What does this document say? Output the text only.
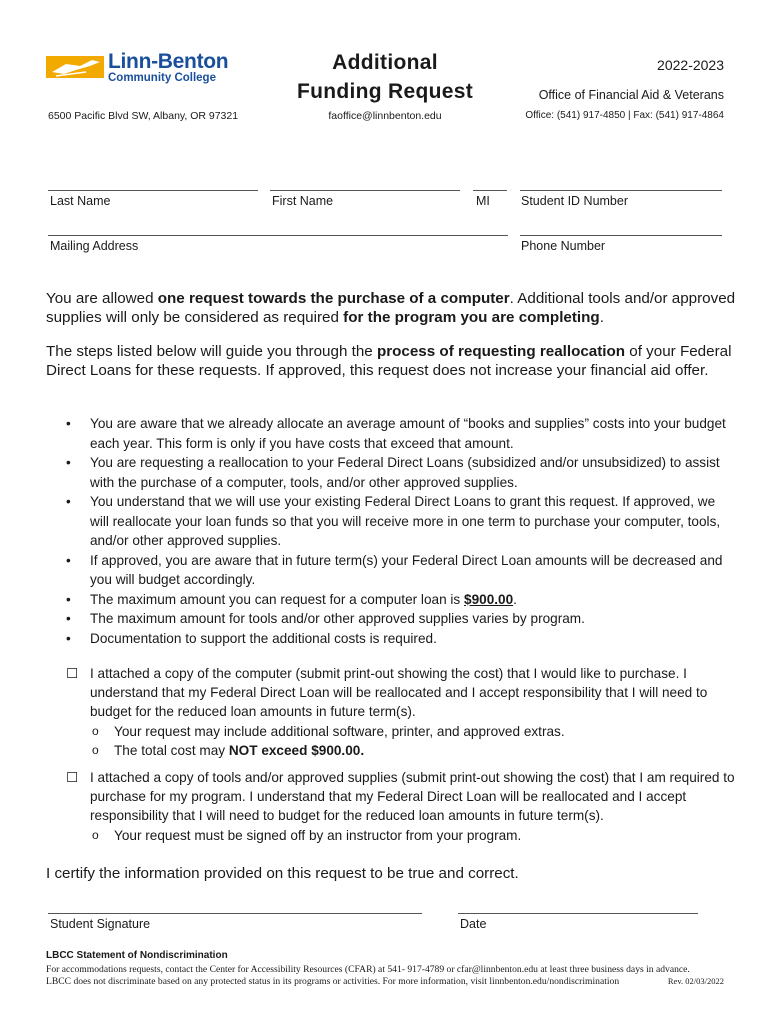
Linn-Benton
Community College
6500 Pacific Blvd SW, Albany, OR 97321
Additional
Funding Request
faoffice@linnbenton.edu
2022-2023
Office of Financial Aid & Veterans
Office: (541) 917-4850 | Fax: (541) 917-4864
Last Name	First Name	MI Student ID Number
Mailing Address	Phone Number
You are allowed one request towards the purchase of a computer. Additional tools and/or approved supplies will only be considered as required for the program you are completing.
The steps listed below will guide you through the process of requesting reallocation of your Federal Direct Loans for these requests. If approved, this request does not increase your financial aid offer.
• You are aware that we already allocate an average amount of “books and supplies” costs into your budget each year. This form is only if you have costs that exceed that amount.
• You are requesting a reallocation to your Federal Direct Loans (subsidized and/or unsubsidized) to assist with the purchase of a computer, tools, and/or other approved supplies.
• You understand that we will use your existing Federal Direct Loans to grant this request. If approved, we will reallocate your loan funds so that you will receive more in one term to purchase your computer, tools, and/or other approved supplies.
• If approved, you are aware that in future term(s) your Federal Direct Loan amounts will be decreased and you will budget accordingly.
• The maximum amount you can request for a computer loan is $900.00.
• The maximum amount for tools and/or other approved supplies varies by program.
• Documentation to support the additional costs is required.
☐ I attached a copy of the computer (submit print-out showing the cost) that I would like to purchase. I understand that my Federal Direct Loan will be reallocated and I accept responsibility that I will need to budget for the reduced loan amounts in future term(s).
o Your request may include additional software, printer, and approved extras.
o The total cost may NOT exceed $900.00.
☐ I attached a copy of tools and/or approved supplies (submit print-out showing the cost) that I am required to purchase for my program. I understand that my Federal Direct Loan will be reallocated and I accept responsibility that I will need to budget for the reduced loan amounts in future term(s).
o Your request must be signed off by an instructor from your program.
I certify the information provided on this request to be true and correct.
Student Signature	Date
LBCC Statement of Nondiscrimination
For accommodations requests, contact the Center for Accessibility Resources (CFAR) at 541- 917-4789 or cfar@linnbenton.edu at least three business days in advance.
LBCC does not discriminate based on any protected status in its programs or activities. For more information, visit linnbenton.edu/nondiscrimination	Rev. 02/03/2022
